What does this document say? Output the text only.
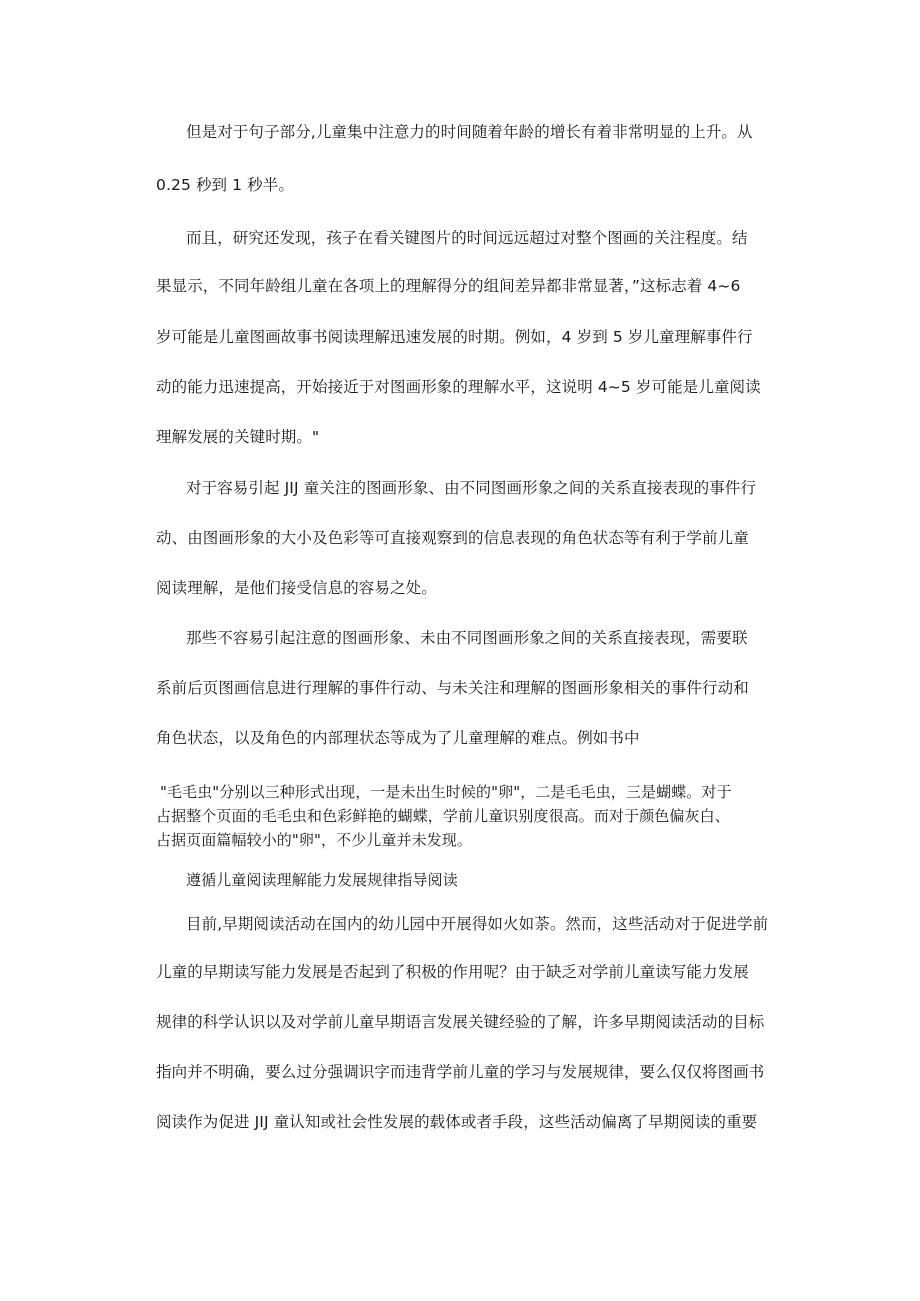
但是对于句子部分,儿童集中注意力的时间随着年龄的增长有着非常明显的上升。从
0.25 秒到 1 秒半。
而且，研究还发现，孩子在看关键图片的时间远远超过对整个图画的关注程度。结
果显示，不同年龄组儿童在各项上的理解得分的组间差异都非常显著，”这标志着 4~6
岁可能是儿童图画故事书阅读理解迅速发展的时期。例如，4 岁到 5 岁儿童理解事件行
动的能力迅速提高，开始接近于对图画形象的理解水平，这说明 4~5 岁可能是儿童阅读
理解发展的关键时期。"
对于容易引起 JIJ 童关注的图画形象、由不同图画形象之间的关系直接表现的事件行
动、由图画形象的大小及色彩等可直接观察到的信息表现的角色状态等有利于学前儿童
阅读理解，是他们接受信息的容易之处。
那些不容易引起注意的图画形象、未由不同图画形象之间的关系直接表现，需要联
系前后页图画信息进行理解的事件行动、与未关注和理解的图画形象相关的事件行动和
角色状态，以及角色的内部理状态等成为了儿童理解的难点。例如书中
"毛毛虫"分别以三种形式出现，一是未出生时候的"卵"，二是毛毛虫，三是蝴蝶。对于
占据整个页面的毛毛虫和色彩鲜艳的蝴蝶，学前儿童识别度很高。而对于颜色偏灰白、
占据页面篇幅较小的"卵"，不少儿童并未发现。
遵循儿童阅读理解能力发展规律指导阅读
目前,早期阅读活动在国内的幼儿园中开展得如火如荼。然而，这些活动对于促进学前
儿童的早期读写能力发展是否起到了积极的作用呢？由于缺乏对学前儿童读写能力发展
规律的科学认识以及对学前儿童早期语言发展关键经验的了解，许多早期阅读活动的目标
指向并不明确，要么过分强调识字而违背学前儿童的学习与发展规律，要么仅仅将图画书
阅读作为促进 JIJ 童认知或社会性发展的载体或者手段，这些活动偏离了早期阅读的重要
